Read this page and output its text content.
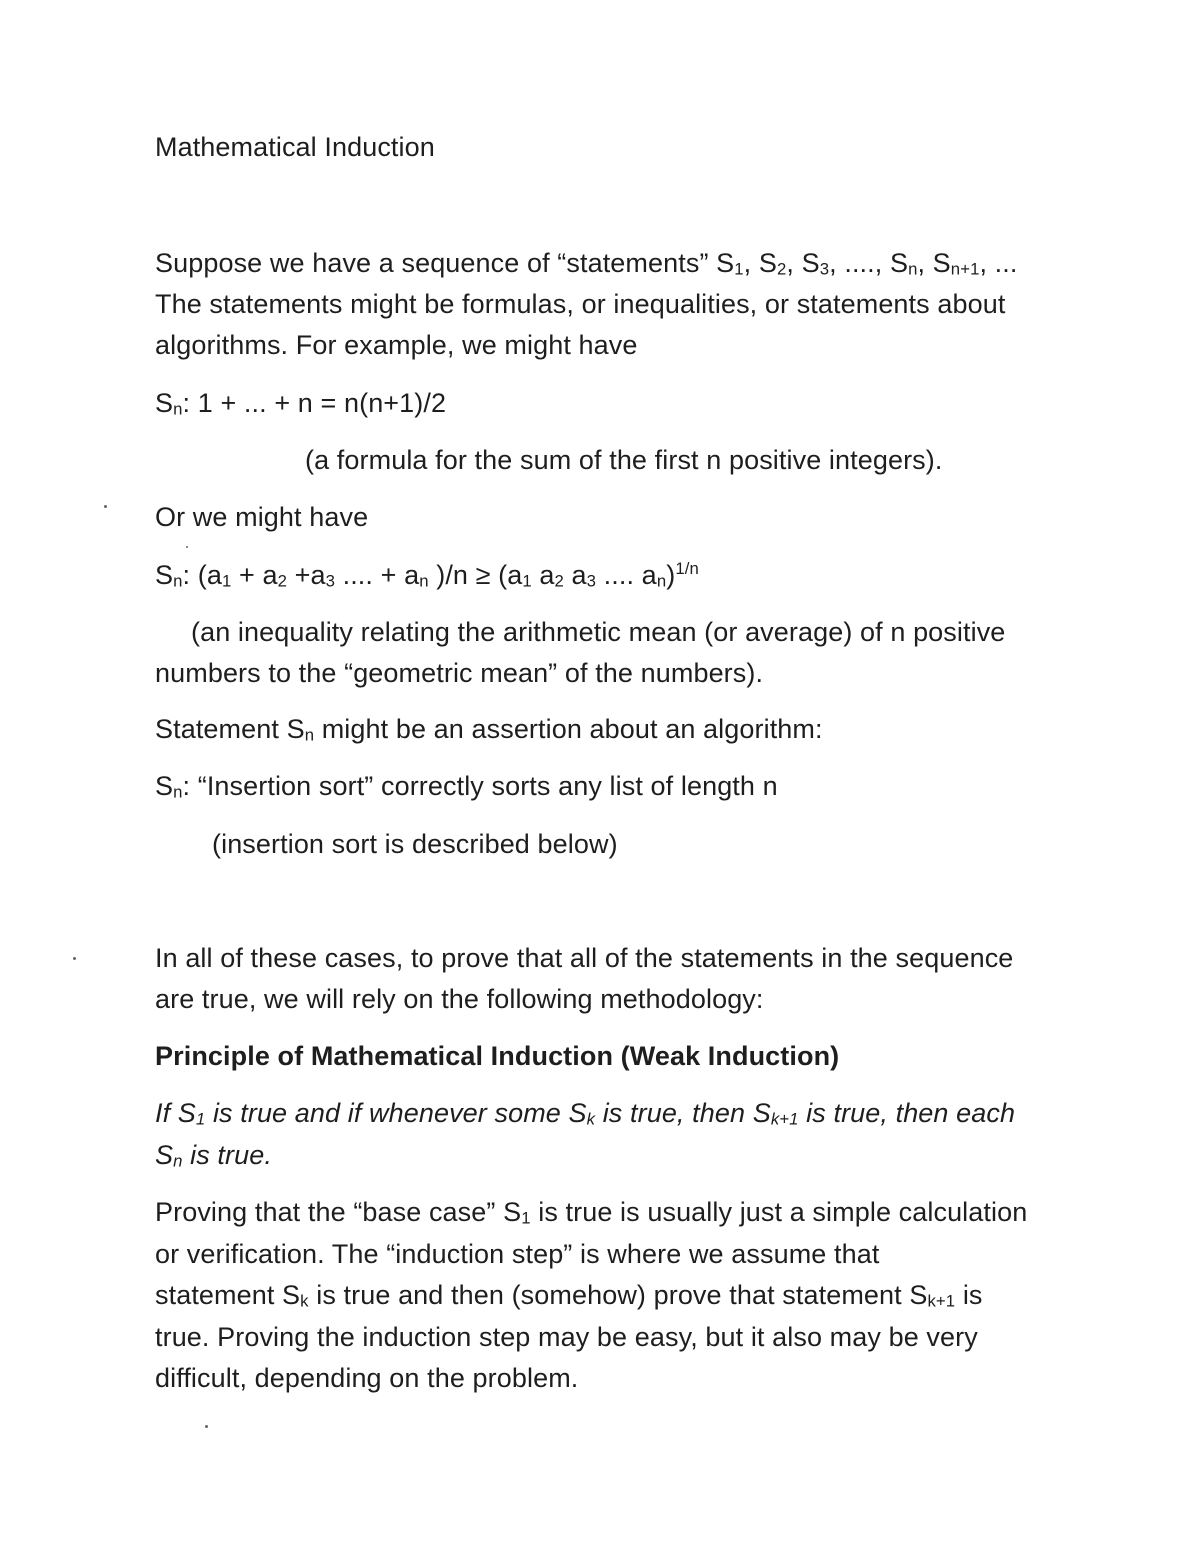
Mathematical Induction
Suppose we have a sequence of “statements” $S_1$, $S_2$, $S_3$, ...., $S_n$, $S_{n+1}$, ...
The statements might be formulas, or inequalities, or statements about
algorithms. For example, we might have
$S_n$: 1 + ... + n = n(n+1)/2
(a formula for the sum of the first n positive integers).
Or we might have
$S_n$: ($a_1 + a_2 +a_3$ .... + $a_n$ )$/n \ge (a_1$ $a_2$ $a_3$ .... $a_n)^{1/n}$
(an inequality relating the arithmetic mean (or average) of n positive
numbers to the “geometric mean” of the numbers).
Statement $S_n$ might be an assertion about an algorithm:
$S_n$: “Insertion sort” correctly sorts any list of length n
(insertion sort is described below)
In all of these cases, to prove that all of the statements in the sequence
are true, we will rely on the following methodology:
Principle of Mathematical Induction (Weak Induction)
If $S_1$ is true and if whenever some $S_k$ is true, then $S_{k+1}$ is true, then each
$S_n$ is true.
Proving that the “base case” $S_1$ is true is usually just a simple calculation
or verification. The “induction step” is where we assume that
statement $S_k$ is true and then (somehow) prove that statement $S_{k+1}$ is
true. Proving the induction step may be easy, but it also may be very
difficult, depending on the problem.
